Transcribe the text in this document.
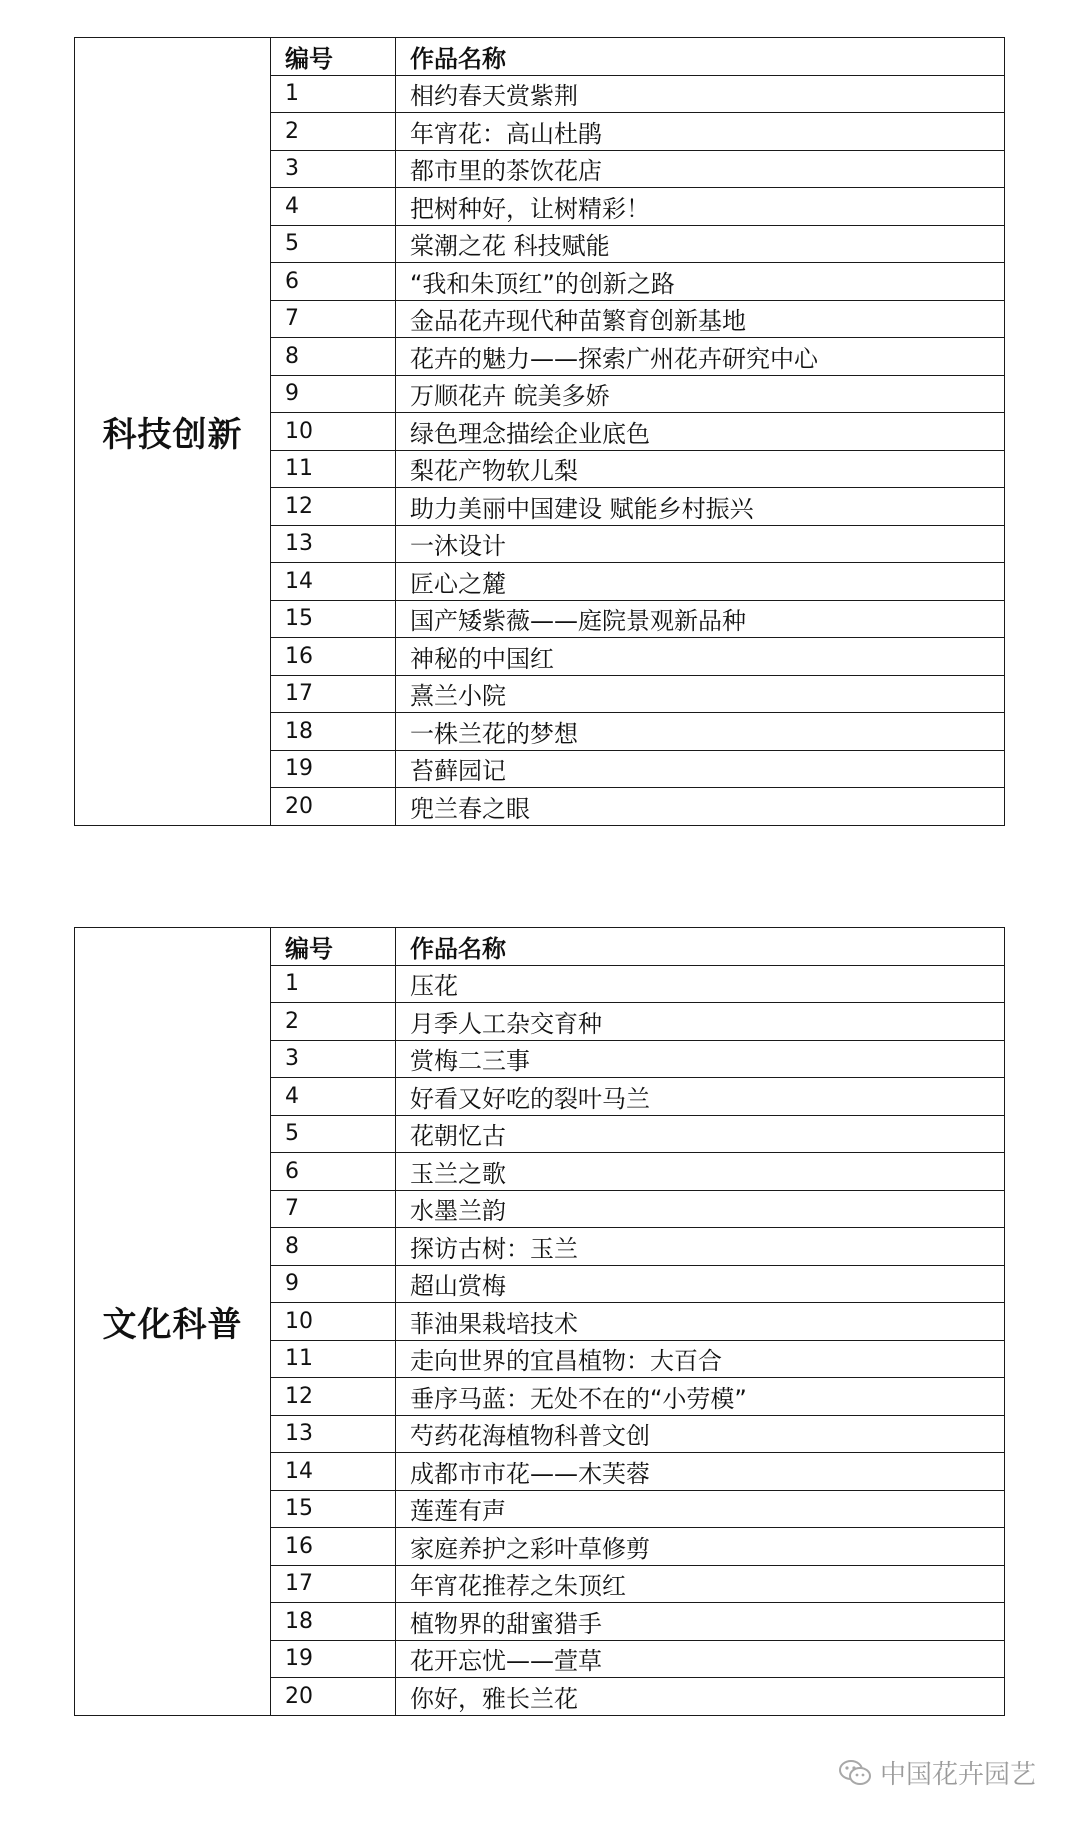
科技创新	编号	作品名称
	1	相约春天赏紫荆
	2	年宵花：高山杜鹃
	3	都市里的茶饮花店
	4	把树种好，让树精彩！
	5	棠潮之花 科技赋能
	6	“我和朱顶红”的创新之路
	7	金品花卉现代种苗繁育创新基地
	8	花卉的魅力——探索广州花卉研究中心
	9	万顺花卉 皖美多娇
	10	绿色理念描绘企业底色
	11	梨花产物软儿梨
	12	助力美丽中国建设 赋能乡村振兴
	13	一沐设计
	14	匠心之麓
	15	国产矮紫薇——庭院景观新品种
	16	神秘的中国红
	17	熹兰小院
	18	一株兰花的梦想
	19	苔藓园记
	20	兜兰春之眼
文化科普	编号	作品名称
	1	压花
	2	月季人工杂交育种
	3	赏梅二三事
	4	好看又好吃的裂叶马兰
	5	花朝忆古
	6	玉兰之歌
	7	水墨兰韵
	8	探访古树：玉兰
	9	超山赏梅
	10	菲油果栽培技术
	11	走向世界的宜昌植物：大百合
	12	垂序马蓝：无处不在的“小劳模”
	13	芍药花海植物科普文创
	14	成都市市花——木芙蓉
	15	莲莲有声
	16	家庭养护之彩叶草修剪
	17	年宵花推荐之朱顶红
	18	植物界的甜蜜猎手
	19	花开忘忧——萱草
	20	你好，雅长兰花
中国花卉园艺
